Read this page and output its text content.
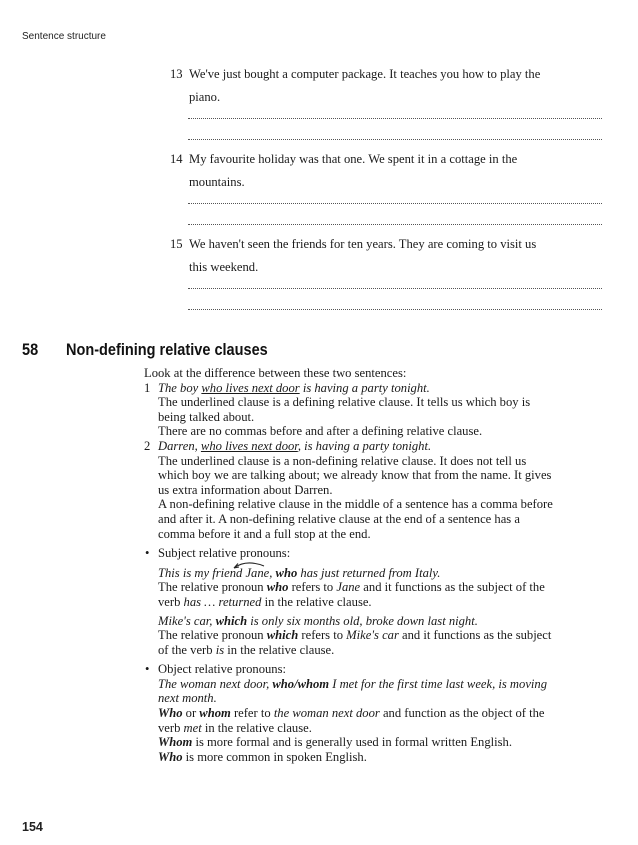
Sentence structure
13 We've just bought a computer package. It teaches you how to play the
piano.
14 My favourite holiday was that one. We spent it in a cottage in the
mountains.
15 We haven't seen the friends for ten years. They are coming to visit us
this weekend.
58 Non-defining relative clauses

Look at the difference between these two sentences:

1 The boy who lives next door is having a party tonight.

The underlined clause is a defining relative clause. It tells us which boy is

being talked about.

There are no commas before and after a defining relative clause.

2 Darren, who lives next door, is having a party tonight.

The underlined clause is a non-defining relative clause. It does not tell us

which boy we are talking about; we already know that from the name. It gives

us extra information about Darren.

A non-defining relative clause in the middle of a sentence has a comma before

and after it. A non-defining relative clause at the end of a sentence has a

comma before it and a full stop at the end.

• Subject relative pronouns:

This is my friend Jane, who has just returned from Italy.

The relative pronoun who refers to Jane and it functions as the subject of the

verb has … returned in the relative clause.

Mike's car, which is only six months old, broke down last night.

The relative pronoun which refers to Mike's car and it functions as the subject

of the verb is in the relative clause.

• Object relative pronouns:

The woman next door, who/whom I met for the first time last week, is moving

next month.

Who or whom refer to the woman next door and function as the object of the

verb met in the relative clause.

Whom is more formal and is generally used in formal written English.

Who is more common in spoken English.

154
